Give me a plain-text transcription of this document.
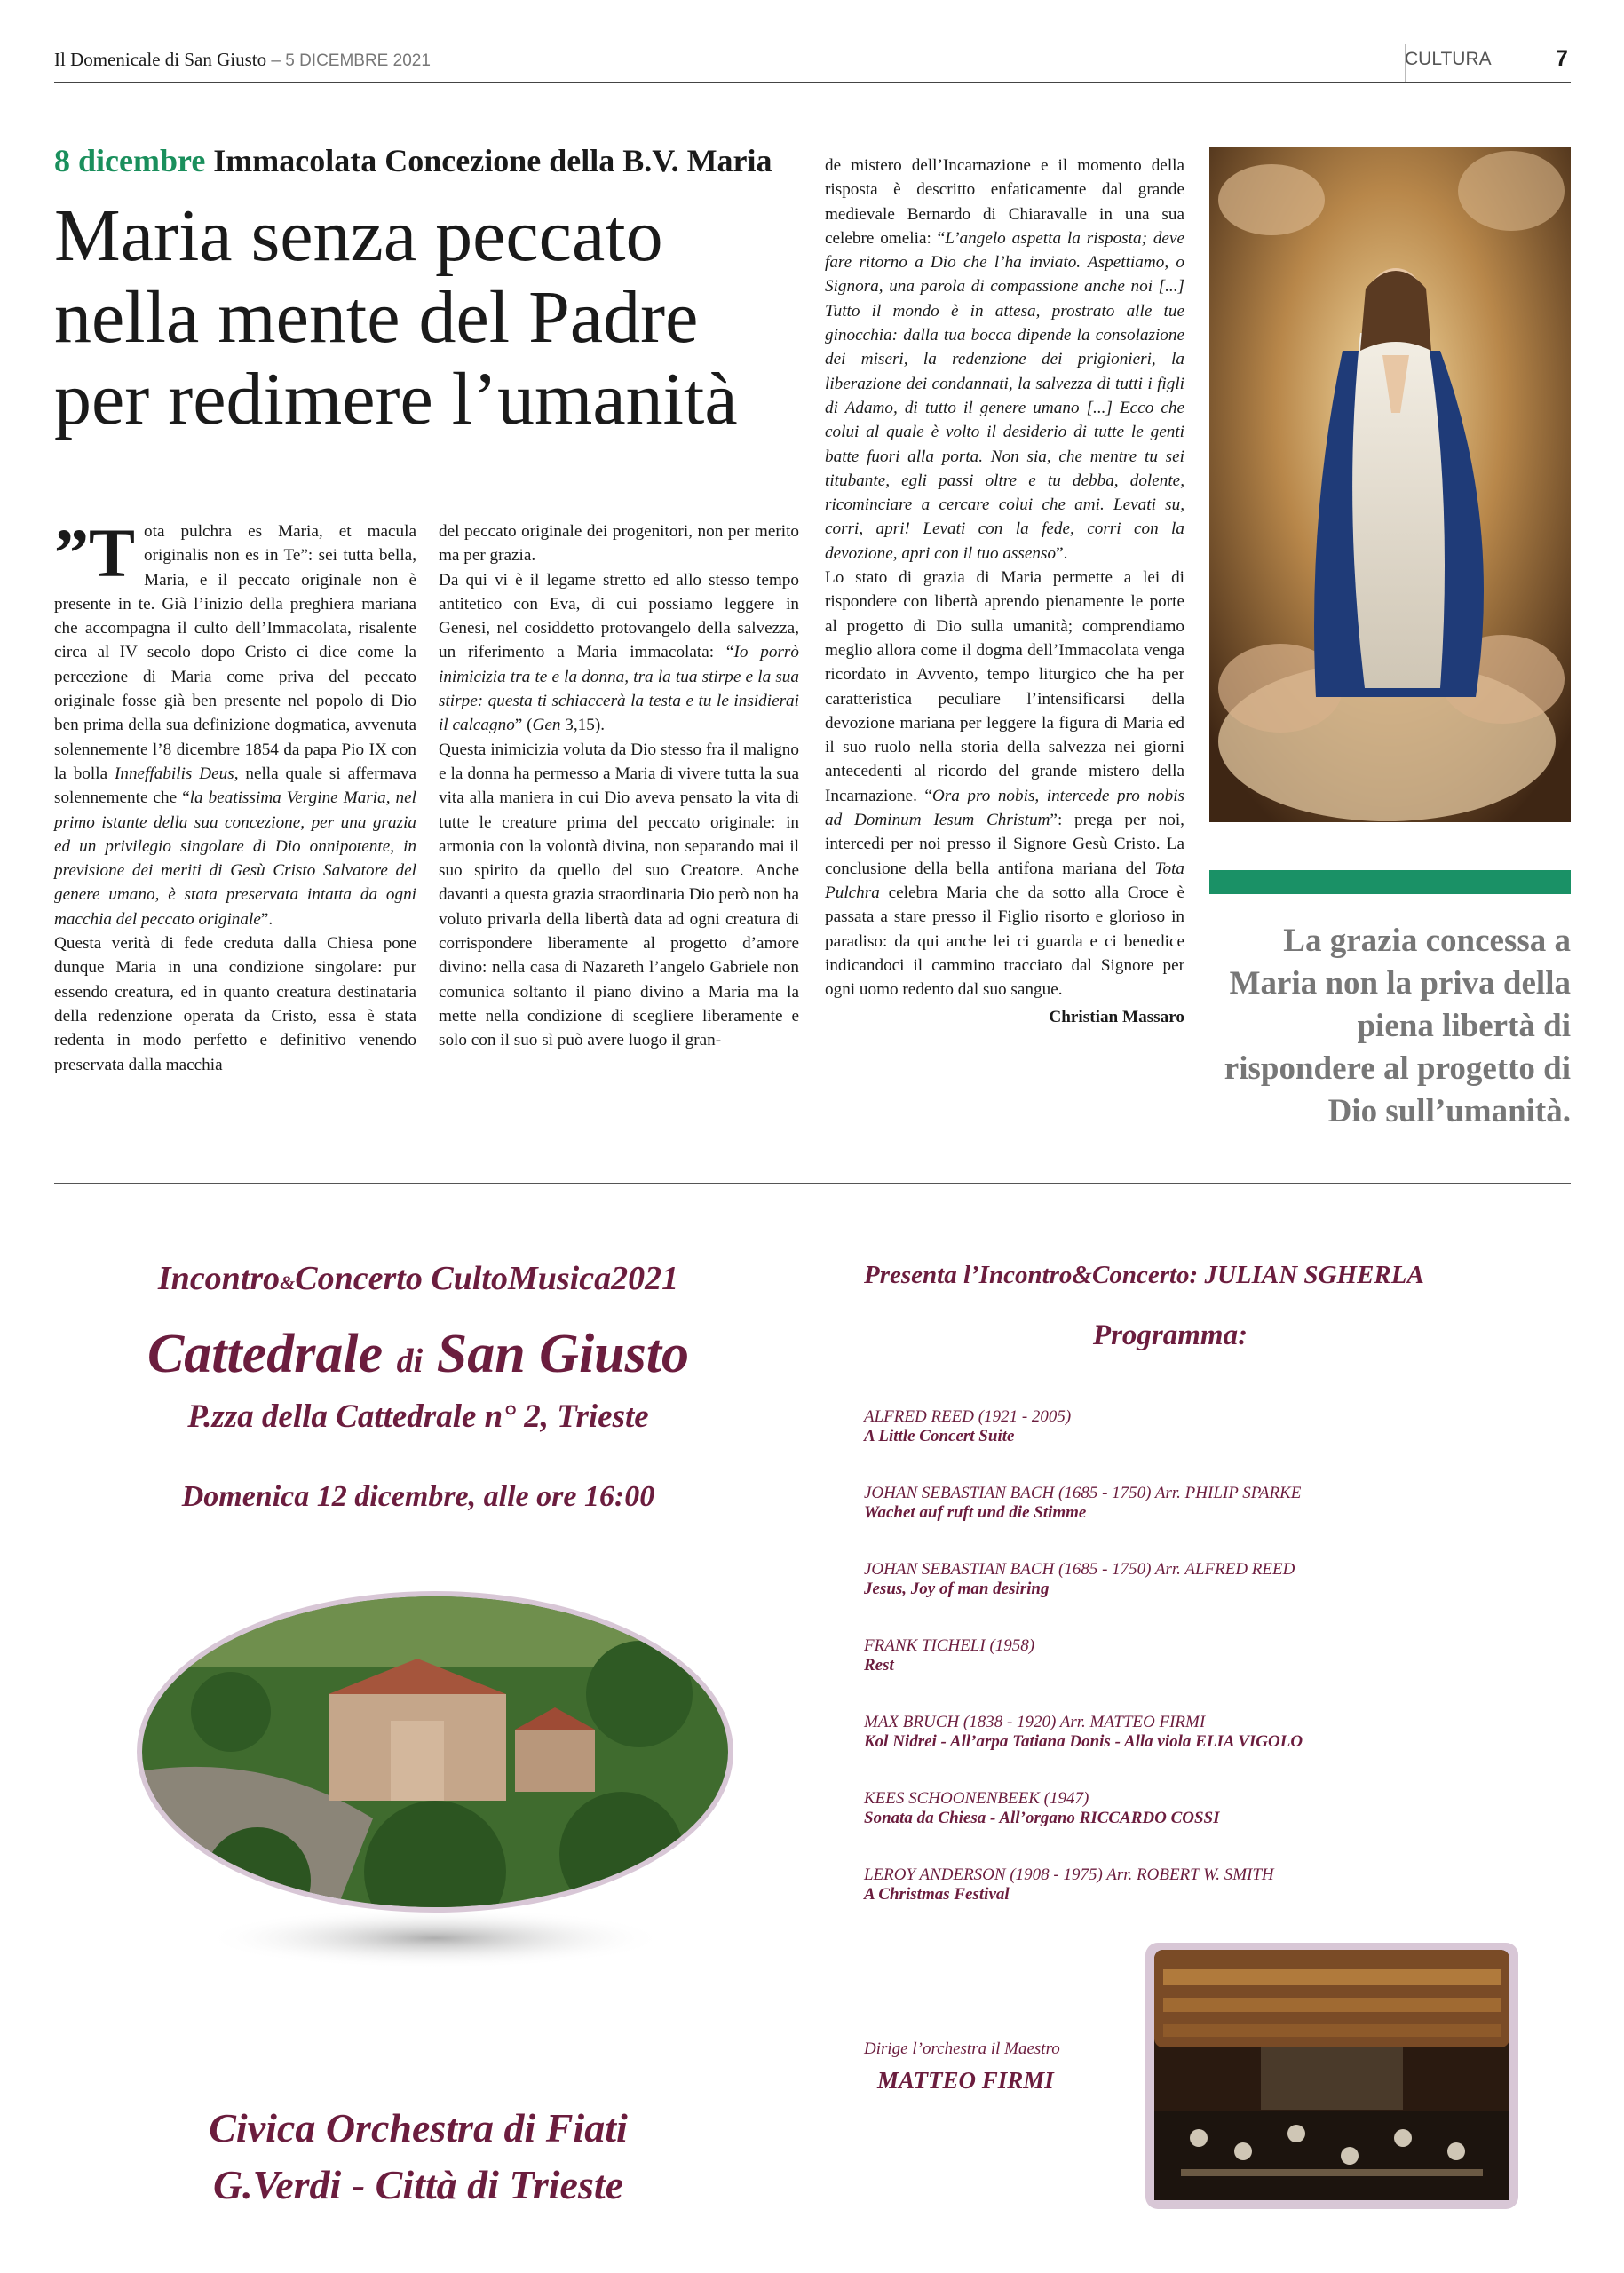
Il Domenicale di San Giusto – 5 DICEMBRE 2021	CULTURA	7
8 dicembre Immacolata Concezione della B.V. Maria
Maria senza peccato
nella mente del Padre
per redimere l’umanità

”T ota pulchra es Maria, et macula originalis non es in Te”: sei tutta bella, Maria, e il peccato originale non è presente in te. Già l’inizio della preghiera mariana che accompagna il culto dell’Immacolata, risalente circa al IV secolo dopo Cristo ci dice come la percezione di Maria come priva del peccato originale fosse già ben presente nel popolo di Dio ben prima della sua definizione dogmatica, avvenuta solennemente l’8 dicembre 1854 da papa Pio IX con la bolla Inneffabilis Deus, nella quale si affermava solennemente che “la beatissima Vergine Maria, nel primo istante della sua concezione, per una grazia ed un privilegio singolare di Dio onnipotente, in previsione dei meriti di Gesù Cristo Salvatore del genere umano, è stata preservata intatta da ogni macchia del peccato originale”.

Questa verità di fede creduta dalla Chiesa pone dunque Maria in una condizione singolare: pur essendo creatura, ed in quanto creatura destinataria della redenzione operata da Cristo, essa è stata redenta in modo perfetto e definitivo venendo preservata dalla macchia

del peccato originale dei progenitori, non per merito ma per grazia.

Da qui vi è il legame stretto ed allo stesso tempo antitetico con Eva, di cui possiamo leggere in Genesi, nel cosiddetto protovangelo della salvezza, un riferimento a Maria immacolata: “Io porrò inimicizia tra te e la donna, tra la tua stirpe e la sua stirpe: questa ti schiaccerà la testa e tu le insidierai il calcagno” (Gen 3,15).

Questa inimicizia voluta da Dio stesso fra il maligno e la donna ha permesso a Maria di vivere tutta la sua vita alla maniera in cui Dio aveva pensato la vita di tutte le creature prima del peccato originale: in armonia con la volontà divina, non separando mai il suo spirito da quello del suo Creatore. Anche davanti a questa grazia straordinaria Dio però non ha voluto privarla della libertà data ad ogni creatura di corrispondere liberamente al progetto d’amore divino: nella casa di Nazareth l’angelo Gabriele non comunica soltanto il piano divino a Maria ma la mette nella condizione di scegliere liberamente e solo con il suo sì può avere luogo il gran-

de mistero dell’Incarnazione e il momento della risposta è descritto enfaticamente dal grande medievale Bernardo di Chiaravalle in una sua celebre omelia: “L’angelo aspetta la risposta; deve fare ritorno a Dio che l’ha inviato. Aspettiamo, o Signora, una parola di compassione anche noi [...] Tutto il mondo è in attesa, prostrato alle tue ginocchia: dalla tua bocca dipende la consolazione dei miseri, la redenzione dei prigionieri, la liberazione dei condannati, la salvezza di tutti i figli di Adamo, di tutto il genere umano [...] Ecco che colui al quale è volto il desiderio di tutte le genti batte fuori alla porta. Non sia, che mentre tu sei titubante, egli passi oltre e tu debba, dolente, ricominciare a cercare colui che ami. Levati su, corri, apri! Levati con la fede, corri con la devozione, apri con il tuo assenso”.

Lo stato di grazia di Maria permette a lei di rispondere con libertà aprendo pienamente le porte al progetto di Dio sulla umanità; comprendiamo meglio allora come il dogma dell’Immacolata venga ricordato in Avvento, tempo liturgico che ha per caratteristica peculiare l’intensificarsi della devozione mariana per leggere la figura di Maria ed il suo ruolo nella storia della salvezza nei giorni antecedenti al ricordo del grande mistero della Incarnazione. “Ora pro nobis, intercede pro nobis ad Dominum Iesum Christum”: prega per noi, intercedi per noi presso il Signore Gesù Cristo. La conclusione della bella antifona mariana del Tota Pulchra celebra Maria che da sotto alla Croce è passata a stare presso il Figlio risorto e glorioso in paradiso: da qui anche lei ci guarda e ci benedice indicandoci il cammino tracciato dal Signore per ogni uomo redento dal suo sangue.

Christian Massaro
La grazia concessa a Maria non la priva della piena libertà di rispondere al progetto di Dio sull’umanità.
Incontro&Concerto CultoMusica2021
Cattedrale di San Giusto
P.zza della Cattedrale n° 2, Trieste
Domenica 12 dicembre, alle ore 16:00
Civica Orchestra di Fiati
G.Verdi - Città di Trieste
Presenta l’Incontro&Concerto: JULIAN SGHERLA
Programma:
ALFRED REED (1921 - 2005)
A Little Concert Suite
JOHAN SEBASTIAN BACH (1685 - 1750) Arr. PHILIP SPARKE
Wachet auf ruft und die Stimme
JOHAN SEBASTIAN BACH (1685 - 1750) Arr. ALFRED REED
Jesus, Joy of man desiring
FRANK TICHELI (1958)
Rest
MAX BRUCH (1838 - 1920) Arr. MATTEO FIRMI
Kol Nidrei - All’arpa Tatiana Donis - Alla viola ELIA VIGOLO
KEES SCHOONENBEEK (1947)
Sonata da Chiesa - All’organo RICCARDO COSSI
LEROY ANDERSON (1908 - 1975) Arr. ROBERT W. SMITH
A Christmas Festival
Dirige l’orchestra il Maestro
MATTEO FIRMI
